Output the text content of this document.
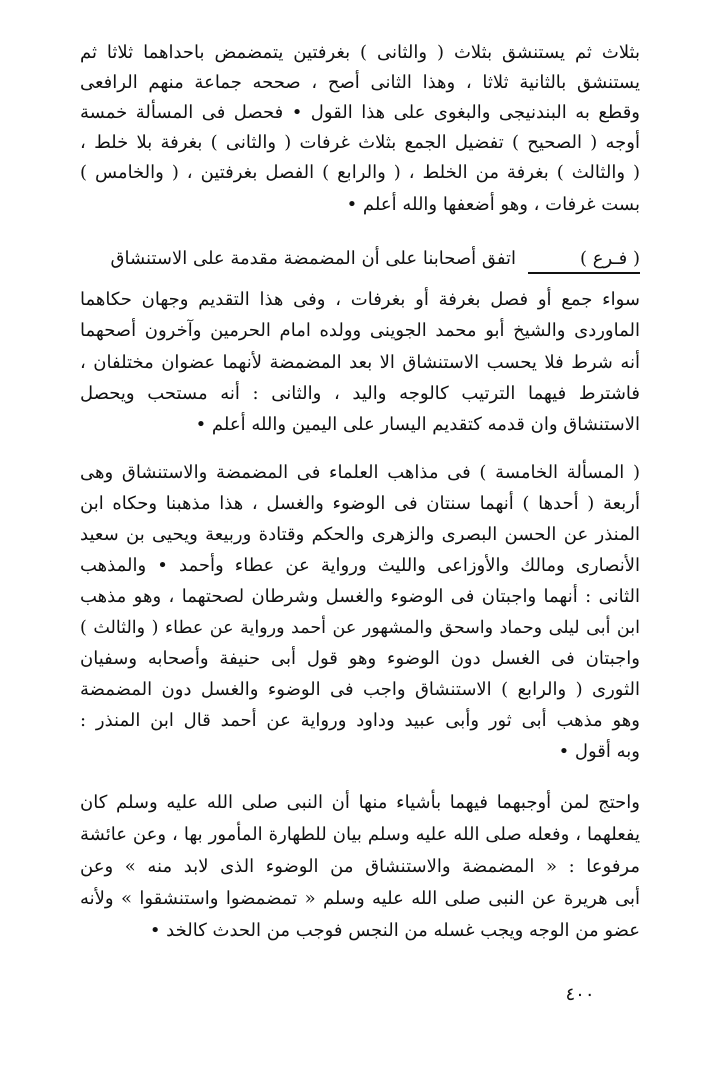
بثلاث ثم يستنشق بثلاث ( والثانى ) بغرفتين يتمضمض باحداهما ثلاثا ثم
يستنشق بالثانية ثلاثا ، وهذا الثانى أصح ، صححه جماعة منهم الرافعى
وقطع به البندنيجى والبغوى على هذا القول • فحصل فى المسألة خمسة
أوجه ( الصحيح ) تفضيل الجمع بثلاث غرفات ( والثانى ) بغرفة بلا خلط ،
( والثالث ) بغرفة من الخلط ، ( والرابع ) الفصل بغرفتين ، ( والخامس )
بست غرفات ، وهو أضعفها والله أعلم •
( فـرع )اتفق أصحابنا على أن المضمضة مقدمة على الاستنشاق
سواء جمع أو فصل بغرفة أو بغرفات ، وفى هذا التقديم وجهان حكاهما
الماوردى والشيخ أبو محمد الجوينى وولده امام الحرمين وآخرون أصحهما
أنه شرط فلا يحسب الاستنشاق الا بعد المضمضة لأنهما عضوان مختلفان ،
فاشترط فيهما الترتيب كالوجه واليد ، والثانى : أنه مستحب ويحصل
الاستنشاق وان قدمه كتقديم اليسار على اليمين والله أعلم •
( المسألة الخامسة ) فى مذاهب العلماء فى المضمضة والاستنشاق وهى
أربعة ( أحدها ) أنهما سنتان فى الوضوء والغسل ، هذا مذهبنا وحكاه ابن
المنذر عن الحسن البصرى والزهرى والحكم وقتادة وربيعة ويحيى بن سعيد
الأنصارى ومالك والأوزاعى والليث ورواية عن عطاء وأحمد • والمذهب
الثانى : أنهما واجبتان فى الوضوء والغسل وشرطان لصحتهما ، وهو مذهب
ابن أبى ليلى وحماد واسحق والمشهور عن أحمد ورواية عن عطاء ( والثالث )
واجبتان فى الغسل دون الوضوء وهو قول أبى حنيفة وأصحابه وسفيان
الثورى ( والرابع ) الاستنشاق واجب فى الوضوء والغسل دون المضمضة
وهو مذهب أبى ثور وأبى عبيد وداود ورواية عن أحمد قال ابن المنذر :
وبه أقول •
واحتج لمن أوجبهما فيهما بأشياء منها أن النبى صلى الله عليه وسلم كان
يفعلهما ، وفعله صلى الله عليه وسلم بيان للطهارة المأمور بها ، وعن عائشة
مرفوعا : « المضمضة والاستنشاق من الوضوء الذى لابد منه » وعن
أبى هريرة عن النبى صلى الله عليه وسلم « تمضمضوا واستنشقوا » ولأنه
عضو من الوجه ويجب غسله من النجس فوجب من الحدث كالخد •
٤٠٠
